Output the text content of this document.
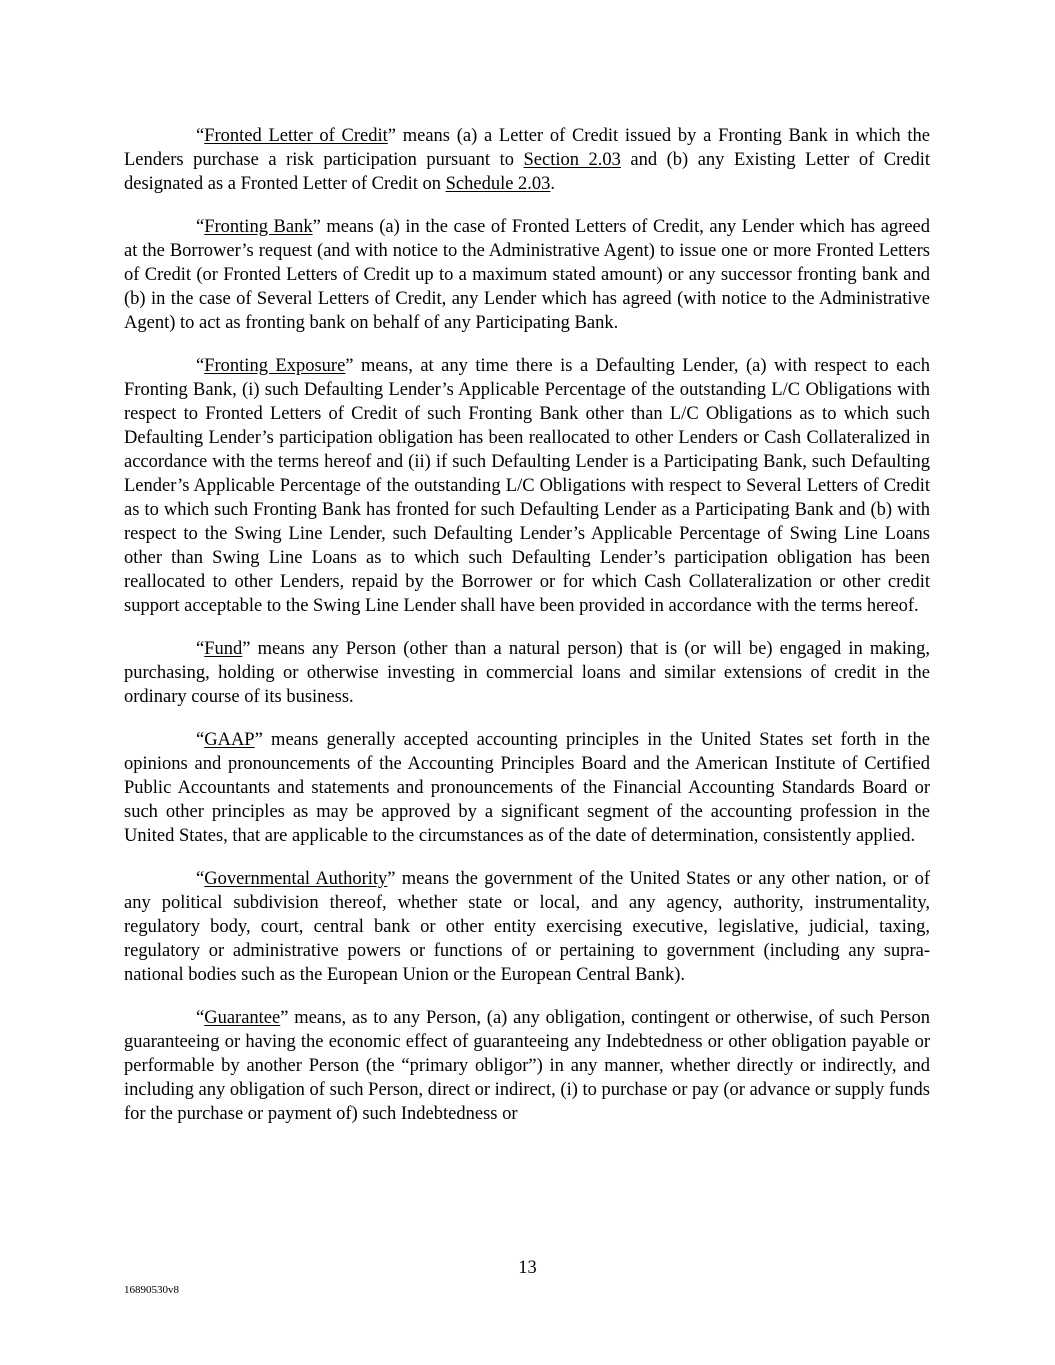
“Fronted Letter of Credit” means (a) a Letter of Credit issued by a Fronting Bank in which the Lenders purchase a risk participation pursuant to Section 2.03 and (b) any Existing Letter of Credit designated as a Fronted Letter of Credit on Schedule 2.03.

“Fronting Bank” means (a) in the case of Fronted Letters of Credit, any Lender which has agreed at the Borrower’s request (and with notice to the Administrative Agent) to issue one or more Fronted Letters of Credit (or Fronted Letters of Credit up to a maximum stated amount) or any successor fronting bank and (b) in the case of Several Letters of Credit, any Lender which has agreed (with notice to the Administrative Agent) to act as fronting bank on behalf of any Participating Bank.

“Fronting Exposure” means, at any time there is a Defaulting Lender, (a) with respect to each Fronting Bank, (i) such Defaulting Lender’s Applicable Percentage of the outstanding L/C Obligations with respect to Fronted Letters of Credit of such Fronting Bank other than L/C Obligations as to which such Defaulting Lender’s participation obligation has been reallocated to other Lenders or Cash Collateralized in accordance with the terms hereof and (ii) if such Defaulting Lender is a Participating Bank, such Defaulting Lender’s Applicable Percentage of the outstanding L/C Obligations with respect to Several Letters of Credit as to which such Fronting Bank has fronted for such Defaulting Lender as a Participating Bank and (b) with respect to the Swing Line Lender, such Defaulting Lender’s Applicable Percentage of Swing Line Loans other than Swing Line Loans as to which such Defaulting Lender’s participation obligation has been reallocated to other Lenders, repaid by the Borrower or for which Cash Collateralization or other credit support acceptable to the Swing Line Lender shall have been provided in accordance with the terms hereof.

“Fund” means any Person (other than a natural person) that is (or will be) engaged in making, purchasing, holding or otherwise investing in commercial loans and similar extensions of credit in the ordinary course of its business.

“GAAP” means generally accepted accounting principles in the United States set forth in the opinions and pronouncements of the Accounting Principles Board and the American Institute of Certified Public Accountants and statements and pronouncements of the Financial Accounting Standards Board or such other principles as may be approved by a significant segment of the accounting profession in the United States, that are applicable to the circumstances as of the date of determination, consistently applied.

“Governmental Authority” means the government of the United States or any other nation, or of any political subdivision thereof, whether state or local, and any agency, authority, instrumentality, regulatory body, court, central bank or other entity exercising executive, legislative, judicial, taxing, regulatory or administrative powers or functions of or pertaining to government (including any supra-national bodies such as the European Union or the European Central Bank).

“Guarantee” means, as to any Person, (a) any obligation, contingent or otherwise, of such Person guaranteeing or having the economic effect of guaranteeing any Indebtedness or other obligation payable or performable by another Person (the “primary obligor”) in any manner, whether directly or indirectly, and including any obligation of such Person, direct or indirect, (i) to purchase or pay (or advance or supply funds for the purchase or payment of) such Indebtedness or

13
16890530v8
